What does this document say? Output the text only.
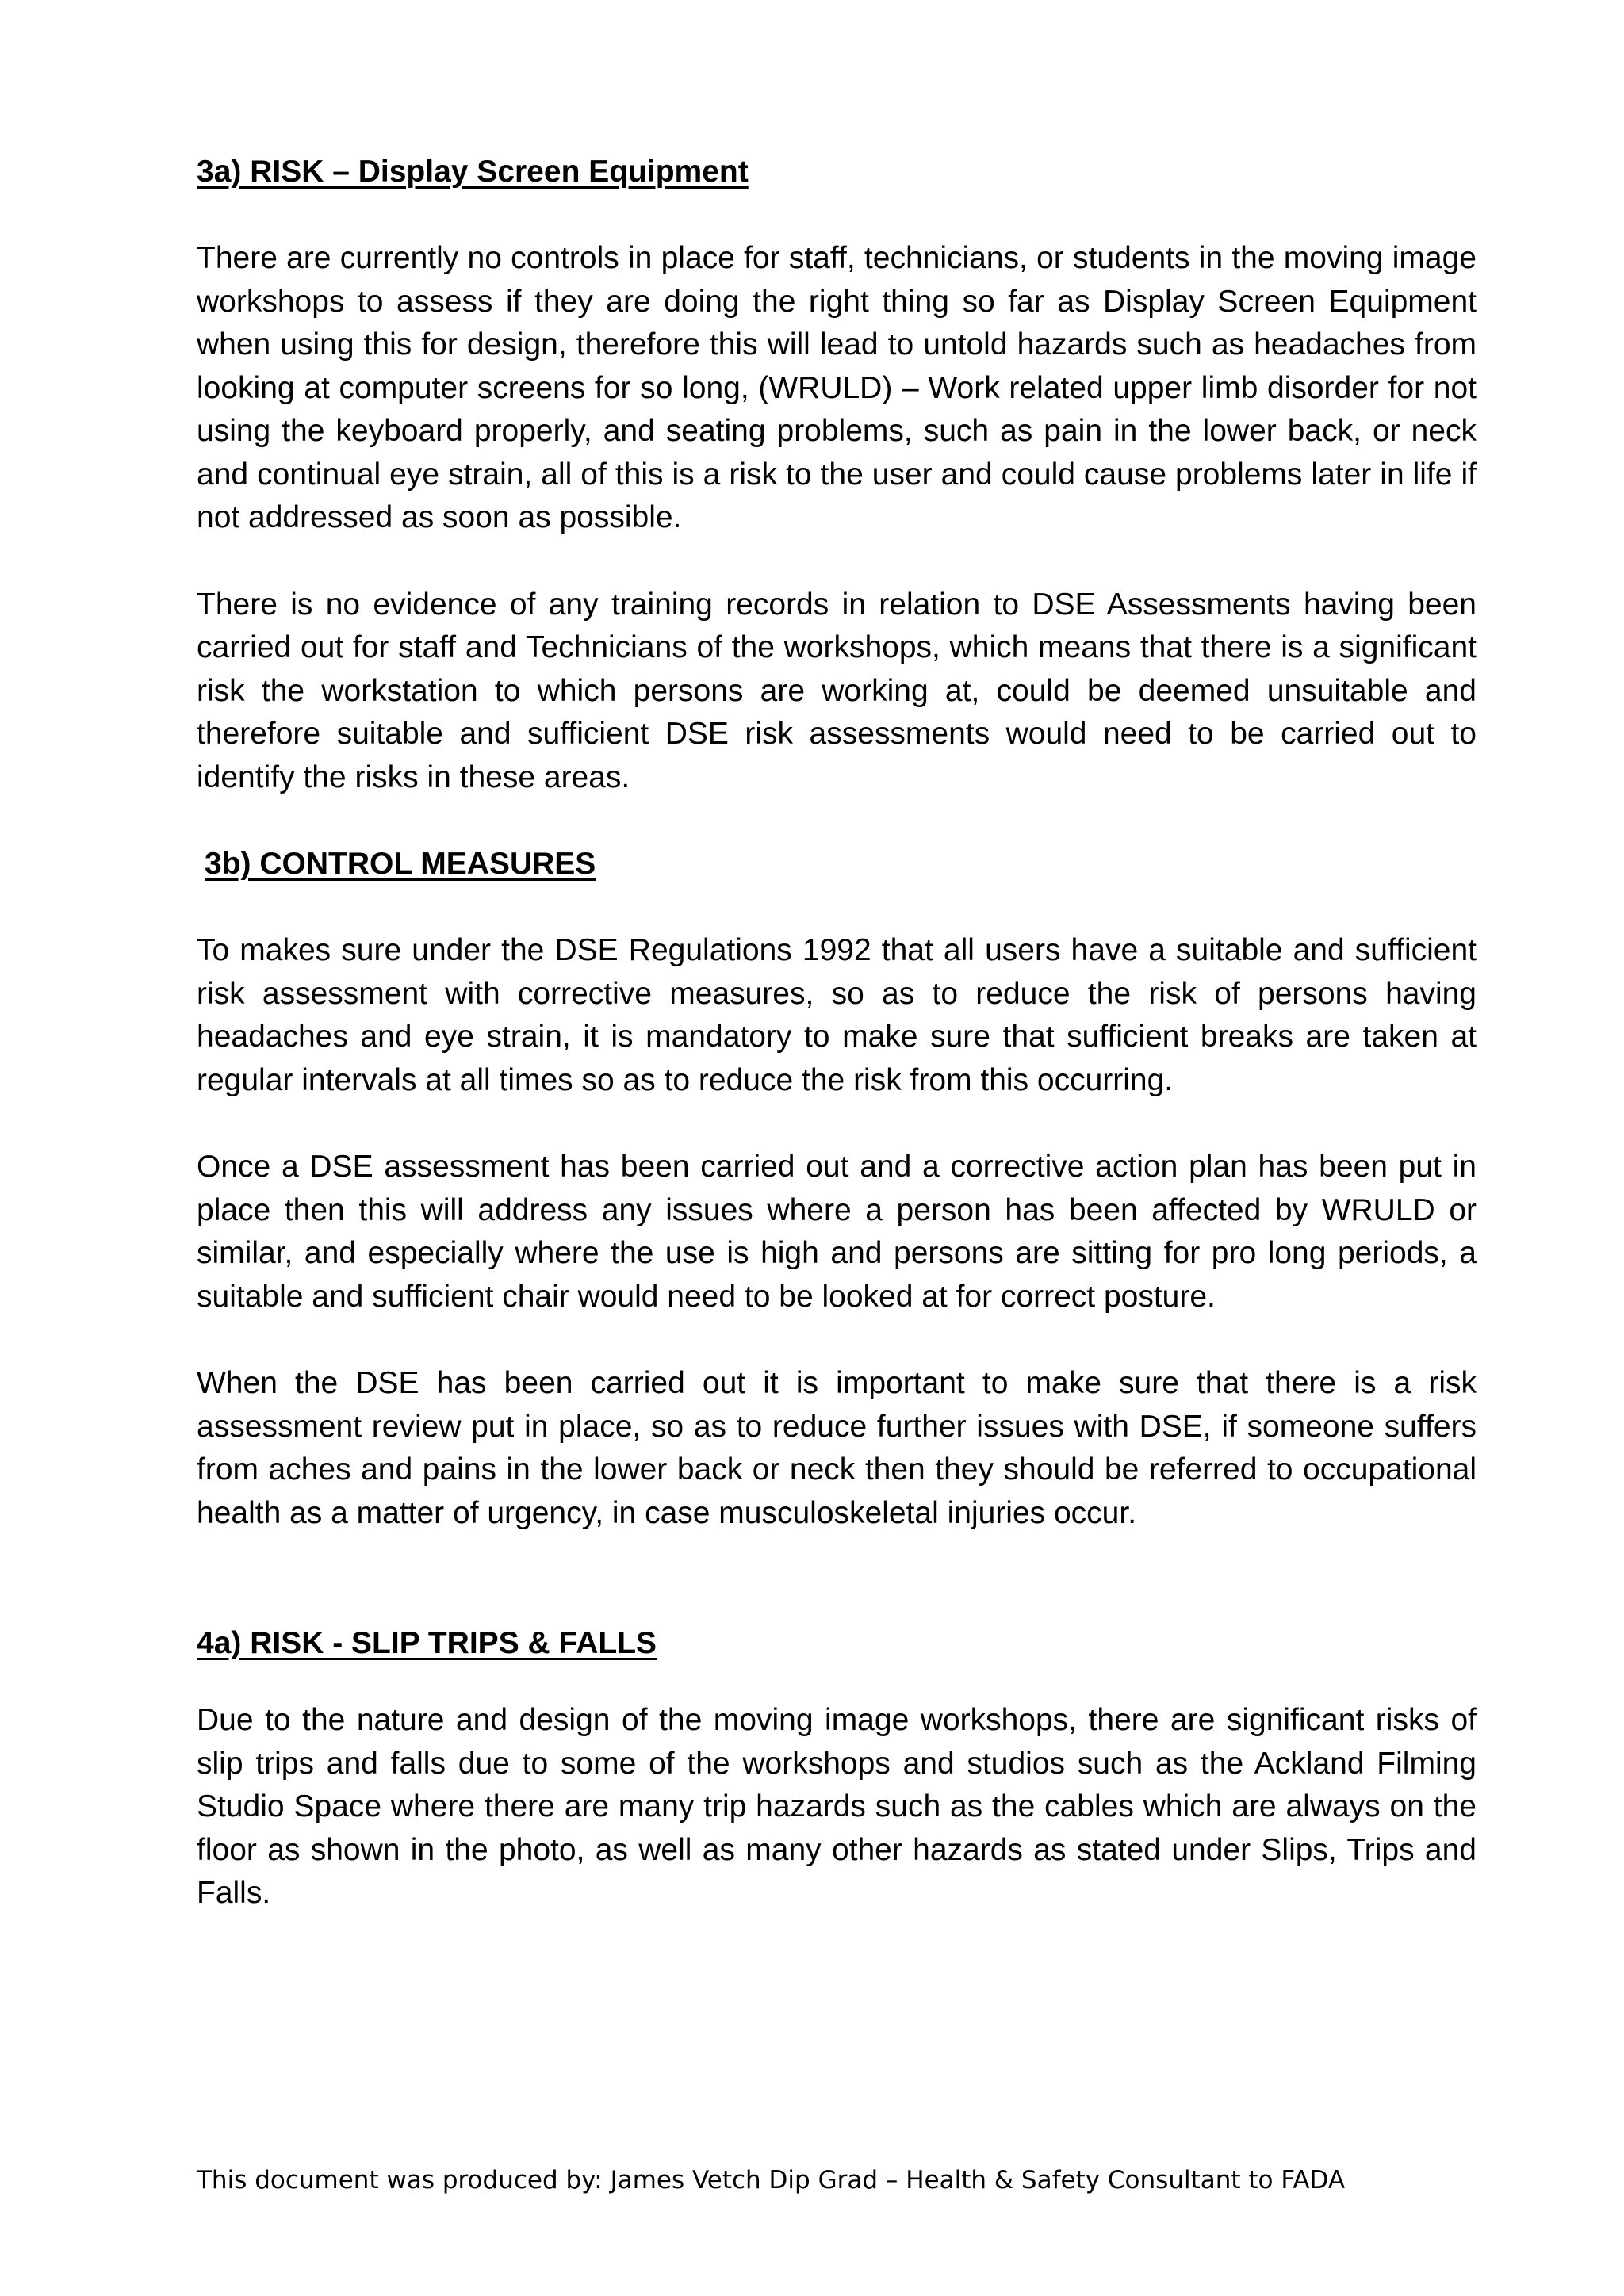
3a) RISK – Display Screen Equipment

There are currently no controls in place for staff, technicians, or students in the moving image workshops to assess if they are doing the right thing so far as Display Screen Equipment when using this for design, therefore this will lead to untold hazards such as headaches from looking at computer screens for so long, (WRULD) – Work related upper limb disorder for not using the keyboard properly, and seating problems, such as pain in the lower back, or neck and continual eye strain, all of this is a risk to the user and could cause problems later in life if not addressed as soon as possible.

There is no evidence of any training records in relation to DSE Assessments having been carried out for staff and Technicians of the workshops, which means that there is a significant risk the workstation to which persons are working at, could be deemed unsuitable and therefore suitable and sufficient DSE risk assessments would need to be carried out to identify the risks in these areas.

3b) CONTROL MEASURES

To makes sure under the DSE Regulations 1992 that all users have a suitable and sufficient risk assessment with corrective measures, so as to reduce the risk of persons having headaches and eye strain, it is mandatory to make sure that sufficient breaks are taken at regular intervals at all times so as to reduce the risk from this occurring.

Once a DSE assessment has been carried out and a corrective action plan has been put in place then this will address any issues where a person has been affected by WRULD or similar, and especially where the use is high and persons are sitting for pro long periods, a suitable and sufficient chair would need to be looked at for correct posture.

When the DSE has been carried out it is important to make sure that there is a risk assessment review put in place, so as to reduce further issues with DSE, if someone suffers from aches and pains in the lower back or neck then they should be referred to occupational health as a matter of urgency, in case musculoskeletal injuries occur.

4a) RISK - SLIP TRIPS & FALLS

Due to the nature and design of the moving image workshops, there are significant risks of slip trips and falls due to some of the workshops and studios such as the Ackland Filming Studio Space where there are many trip hazards such as the cables which are always on the floor as shown in the photo, as well as many other hazards as stated under Slips, Trips and Falls.

This document was produced by: James Vetch Dip Grad – Health & Safety Consultant to FADA
